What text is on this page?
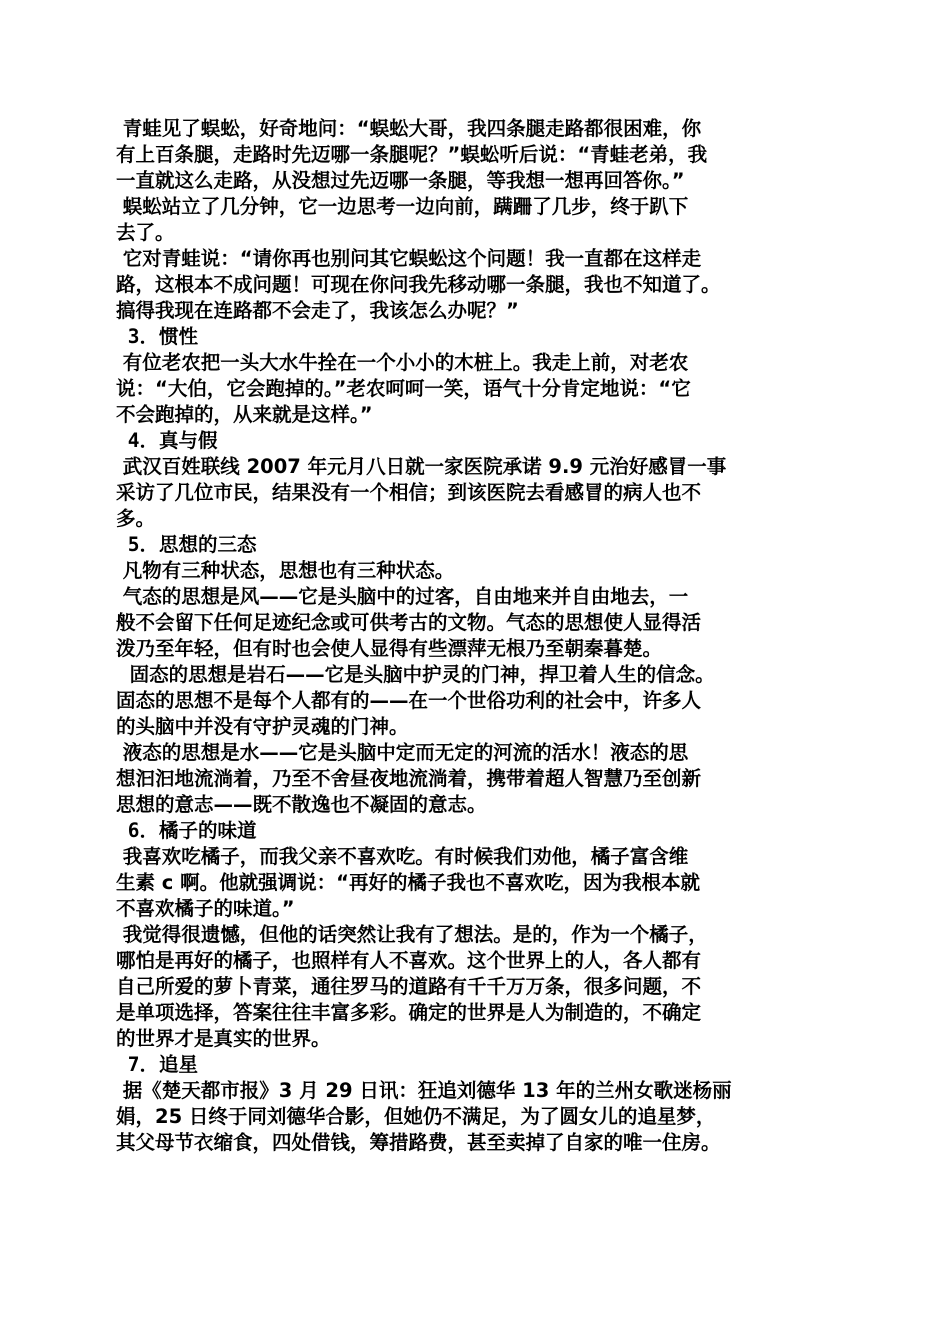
青蛙见了蜈蚣，好奇地问：“蜈蚣大哥，我四条腿走路都很困难，你
有上百条腿，走路时先迈哪一条腿呢？”蜈蚣听后说：“青蛙老弟，我
一直就这么走路，从没想过先迈哪一条腿，等我想一想再回答你。”
蜈蚣站立了几分钟，它一边思考一边向前，蹒跚了几步，终于趴下
去了。
它对青蛙说：“请你再也别问其它蜈蚣这个问题！我一直都在这样走
路，这根本不成问题！可现在你问我先移动哪一条腿，我也不知道了。
搞得我现在连路都不会走了，我该怎么办呢？”
3．惯性
有位老农把一头大水牛拴在一个小小的木桩上。我走上前，对老农
说：“大伯，它会跑掉的。”老农呵呵一笑，语气十分肯定地说：“它
不会跑掉的，从来就是这样。”
4．真与假
武汉百姓联线 2007 年元月八日就一家医院承诺 9.9 元治好感冒一事
采访了几位市民，结果没有一个相信；到该医院去看感冒的病人也不
多。
5．思想的三态
凡物有三种状态，思想也有三种状态。
气态的思想是风——它是头脑中的过客，自由地来并自由地去，一
般不会留下任何足迹纪念或可供考古的文物。气态的思想使人显得活
泼乃至年轻，但有时也会使人显得有些漂萍无根乃至朝秦暮楚。
固态的思想是岩石——它是头脑中护灵的门神，捍卫着人生的信念。
固态的思想不是每个人都有的——在一个世俗功利的社会中，许多人
的头脑中并没有守护灵魂的门神。
液态的思想是水——它是头脑中定而无定的河流的活水！液态的思
想汩汩地流淌着，乃至不舍昼夜地流淌着，携带着超人智慧乃至创新
思想的意志——既不散逸也不凝固的意志。
6．橘子的味道
我喜欢吃橘子，而我父亲不喜欢吃。有时候我们劝他，橘子富含维
生素 c 啊。他就强调说：“再好的橘子我也不喜欢吃，因为我根本就
不喜欢橘子的味道。”
我觉得很遗憾，但他的话突然让我有了想法。是的，作为一个橘子，
哪怕是再好的橘子，也照样有人不喜欢。这个世界上的人，各人都有
自己所爱的萝卜青菜，通往罗马的道路有千千万万条，很多问题，不
是单项选择，答案往往丰富多彩。确定的世界是人为制造的，不确定
的世界才是真实的世界。
7．追星
据《楚天都市报》3 月 29 日讯：狂追刘德华 13 年的兰州女歌迷杨丽
娟，25 日终于同刘德华合影，但她仍不满足，为了圆女儿的追星梦，
其父母节衣缩食，四处借钱，筹措路费，甚至卖掉了自家的唯一住房。
